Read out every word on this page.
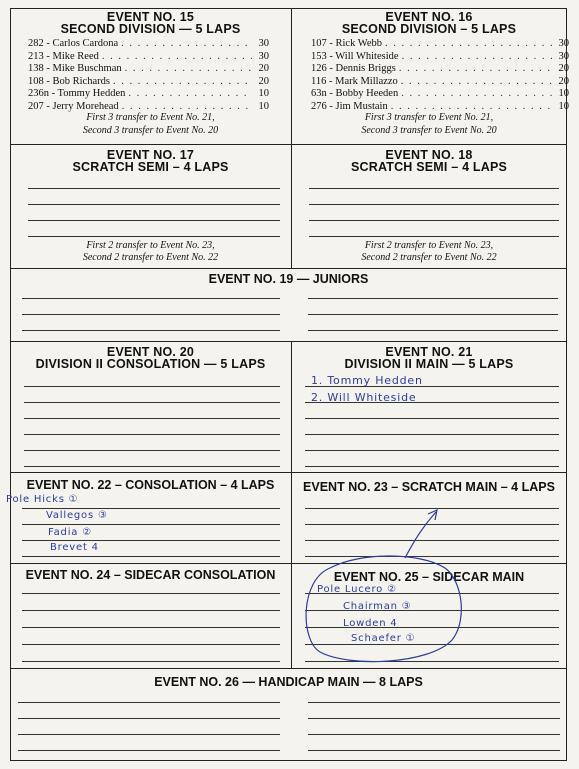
EVENT NO. 15
SECOND DIVISION — 5 LAPS
282 - Carlos Cardona . . .	30
213 - Mike Reed . . .	30
138 - Mike Buschman . . .	20
108 - Bob Richards . . .	20
236n - Tommy Hedden . . .	10
207 - Jerry Morehead . . .	10
First 3 transfer to Event No. 21,
Second 3 transfer to Event No. 20
EVENT NO. 16
SECOND DIVISION – 5 LAPS
107 - Rick Webb . . .	30
153 - Will Whiteside . . .	30
126 - Dennis Briggs . . .	20
116 - Mark Millazzo . . .	20
63n - Bobby Heeden . . .	10
276 - Jim Mustain . . .	10
First 3 transfer to Event No. 21,
Second 3 transfer to Event No. 20
EVENT NO. 17
SCRATCH SEMI – 4 LAPS
First 2 transfer to Event No. 23,
Second 2 transfer to Event No. 22
EVENT NO. 18
SCRATCH SEMI – 4 LAPS
First 2 transfer to Event No. 23,
Second 2 transfer to Event No. 22
EVENT NO. 19 — JUNIORS
EVENT NO. 20
DIVISION II CONSOLATION — 5 LAPS
EVENT NO. 21
DIVISION II MAIN — 5 LAPS
1. Tommy Hedden
2. Will Whiteside
EVENT NO. 22 – CONSOLATION – 4 LAPS
Pole Hicks ①
Vallegos ③
Fadia ②
Brevet 4
EVENT NO. 23 – SCRATCH MAIN – 4 LAPS
EVENT NO. 24 – SIDECAR CONSOLATION	EVENT NO. 25 – SIDECAR MAIN
Pole Lucero ②
Chairman ③
Lowden 4
Schaefer ①
EVENT NO. 26 — HANDICAP MAIN — 8 LAPS
